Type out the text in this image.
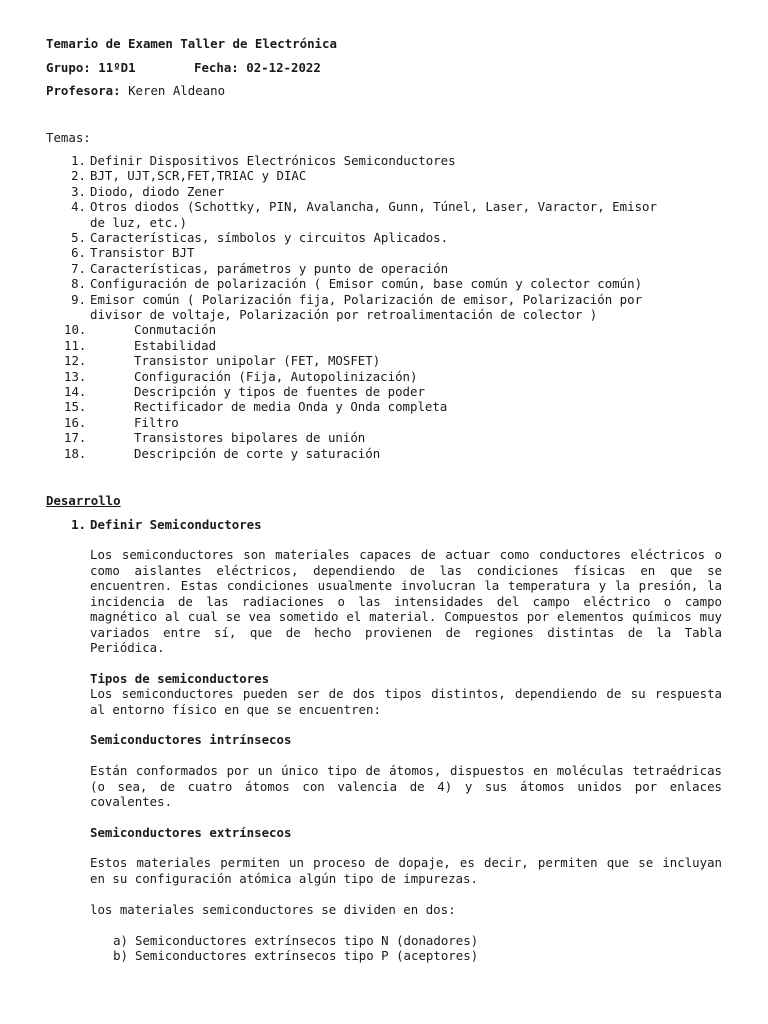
Temario de Examen Taller de Electrónica
Grupo: 11ºD1	Fecha: 02-12-2022
Profesora: Keren Aldeano
Temas:
1. Definir Dispositivos Electrónicos Semiconductores
2. BJT, UJT,SCR,FET,TRIAC y DIAC
3. Diodo, diodo Zener
4. Otros diodos (Schottky, PIN, Avalancha, Gunn, Túnel, Laser, Varactor, Emisor
de luz, etc.)
5. Características, símbolos y circuitos Aplicados.
6. Transistor BJT
7. Características, parámetros y punto de operación
8. Configuración de polarización ( Emisor común, base común y colector común)
9. Emisor común ( Polarización fija, Polarización de emisor, Polarización por
divisor de voltaje, Polarización por retroalimentación de colector )
10.	Conmutación
11.	Estabilidad
12.	Transistor unipolar (FET, MOSFET)
13.	Configuración (Fija, Autopolinización)
14.	Descripción y tipos de fuentes de poder
15.	Rectificador de media Onda y Onda completa
16.	Filtro
17.	Transistores bipolares de unión
18.	Descripción de corte y saturación
Desarrollo
1. Definir Semiconductores

Los semiconductores son materiales capaces de actuar como conductores eléctricos o como aislantes eléctricos, dependiendo de las condiciones físicas en que se encuentren. Estas condiciones usualmente involucran la temperatura y la presión, la incidencia de las radiaciones o las intensidades del campo eléctrico o campo magnético al cual se vea sometido el material. Compuestos por elementos químicos muy variados entre sí, que de hecho provienen de regiones distintas de la Tabla Periódica.

Tipos de semiconductores

Los semiconductores pueden ser de dos tipos distintos, dependiendo de su respuesta al entorno físico en que se encuentren:

Semiconductores intrínsecos

Están conformados por un único tipo de átomos, dispuestos en moléculas tetraédricas (o sea, de cuatro átomos con valencia de 4) y sus átomos unidos por enlaces covalentes.

Semiconductores extrínsecos

Estos materiales permiten un proceso de dopaje, es decir, permiten que se incluyan en su configuración atómica algún tipo de impurezas.

los materiales semiconductores se dividen en dos:
a) Semiconductores extrínsecos tipo N (donadores)
b) Semiconductores extrínsecos tipo P (aceptores)
